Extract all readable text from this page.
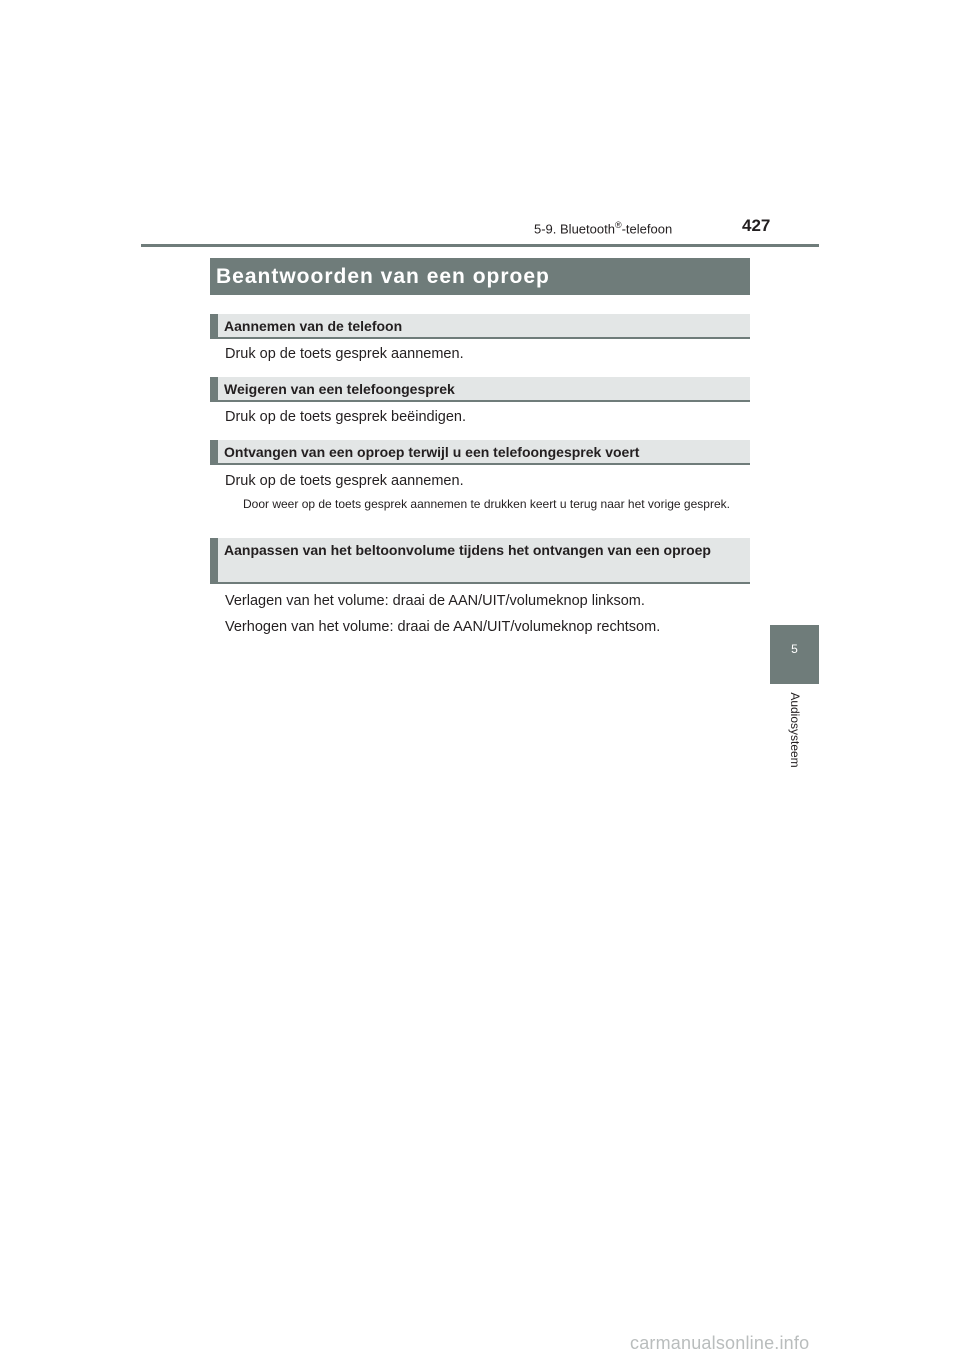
5-9. Bluetooth®-telefoon	427
Beantwoorden van een oproep
Aannemen van de telefoon
Druk op de toets gesprek aannemen.
Weigeren van een telefoongesprek
Druk op de toets gesprek beëindigen.
Ontvangen van een oproep terwijl u een telefoongesprek voert
Druk op de toets gesprek aannemen.
Door weer op de toets gesprek aannemen te drukken keert u terug naar het vorige gesprek.
Aanpassen van het beltoonvolume tijdens het ontvangen van een oproep
Verlagen van het volume: draai de AAN/UIT/volumeknop linksom.
Verhogen van het volume: draai de AAN/UIT/volumeknop rechtsom.
5
Audiosysteem
carmanualsonline.info
